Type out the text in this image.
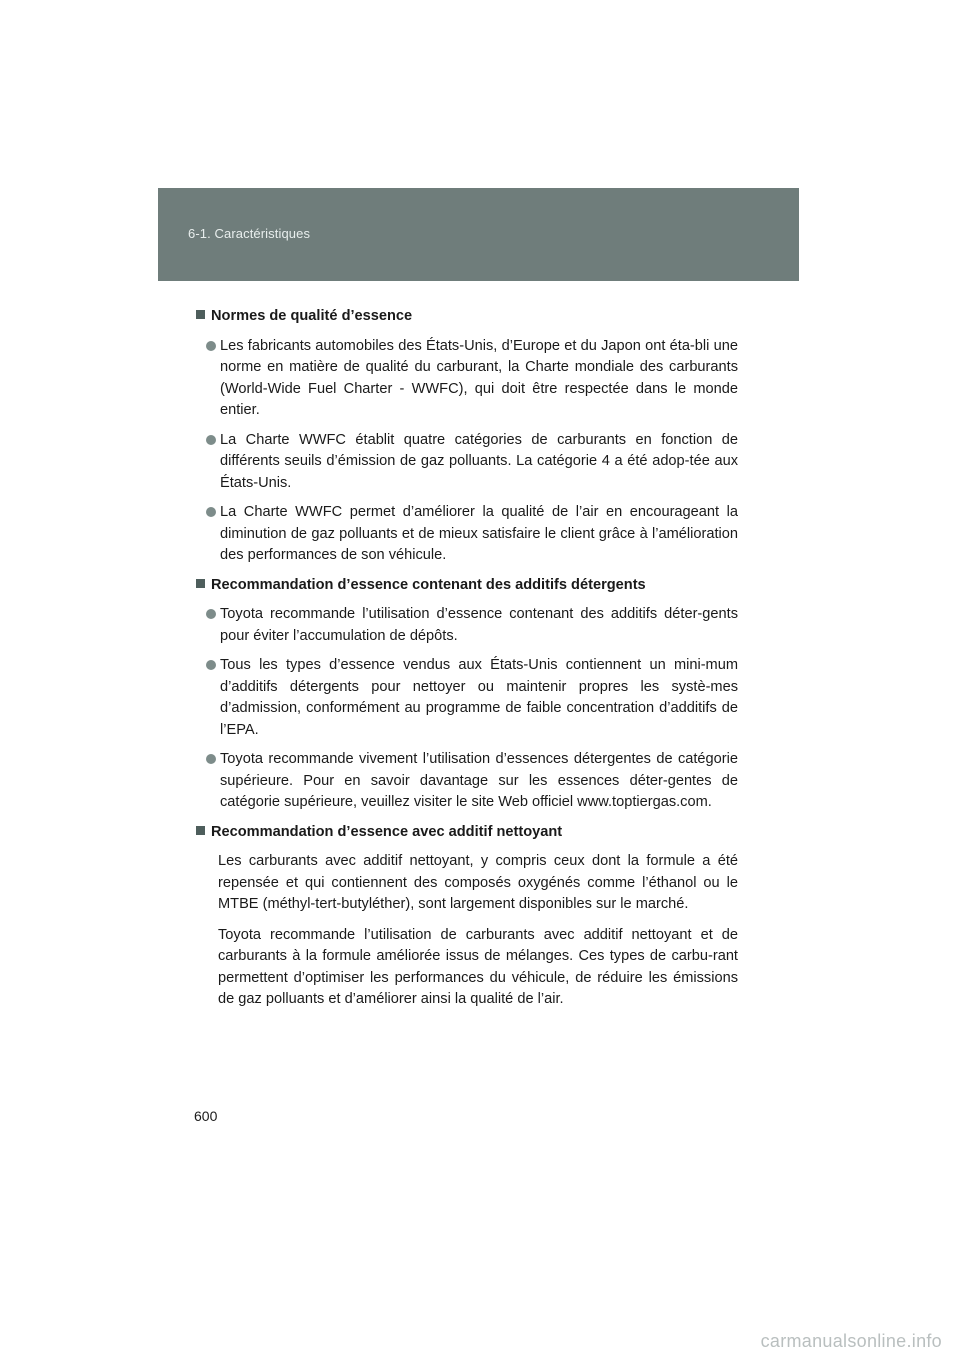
6-1. Caractéristiques
Normes de qualité d’essence
Les fabricants automobiles des États-Unis, d’Europe et du Japon ont éta-bli une norme en matière de qualité du carburant, la Charte mondiale des carburants (World-Wide Fuel Charter - WWFC), qui doit être respectée dans le monde entier.
La Charte WWFC établit quatre catégories de carburants en fonction de différents seuils d’émission de gaz polluants. La catégorie 4 a été adop-tée aux États-Unis.
La Charte WWFC permet d’améliorer la qualité de l’air en encourageant la diminution de gaz polluants et de mieux satisfaire le client grâce à l’amélioration des performances de son véhicule.
Recommandation d’essence contenant des additifs détergents
Toyota recommande l’utilisation d’essence contenant des additifs déter-gents pour éviter l’accumulation de dépôts.
Tous les types d’essence vendus aux États-Unis contiennent un mini-mum d’additifs détergents pour nettoyer ou maintenir propres les systè-mes d’admission, conformément au programme de faible concentration d’additifs de l’EPA.
Toyota recommande vivement l’utilisation d’essences détergentes de catégorie supérieure. Pour en savoir davantage sur les essences déter-gentes de catégorie supérieure, veuillez visiter le site Web officiel www.toptiergas.com.
Recommandation d’essence avec additif nettoyant

Les carburants avec additif nettoyant, y compris ceux dont la formule a été repensée et qui contiennent des composés oxygénés comme l’éthanol ou le MTBE (méthyl-tert-butyléther), sont largement disponibles sur le marché.

Toyota recommande l’utilisation de carburants avec additif nettoyant et de carburants à la formule améliorée issus de mélanges. Ces types de carbu-rant permettent d’optimiser les performances du véhicule, de réduire les émissions de gaz polluants et d’améliorer ainsi la qualité de l’air.

600
carmanualsonline.info
